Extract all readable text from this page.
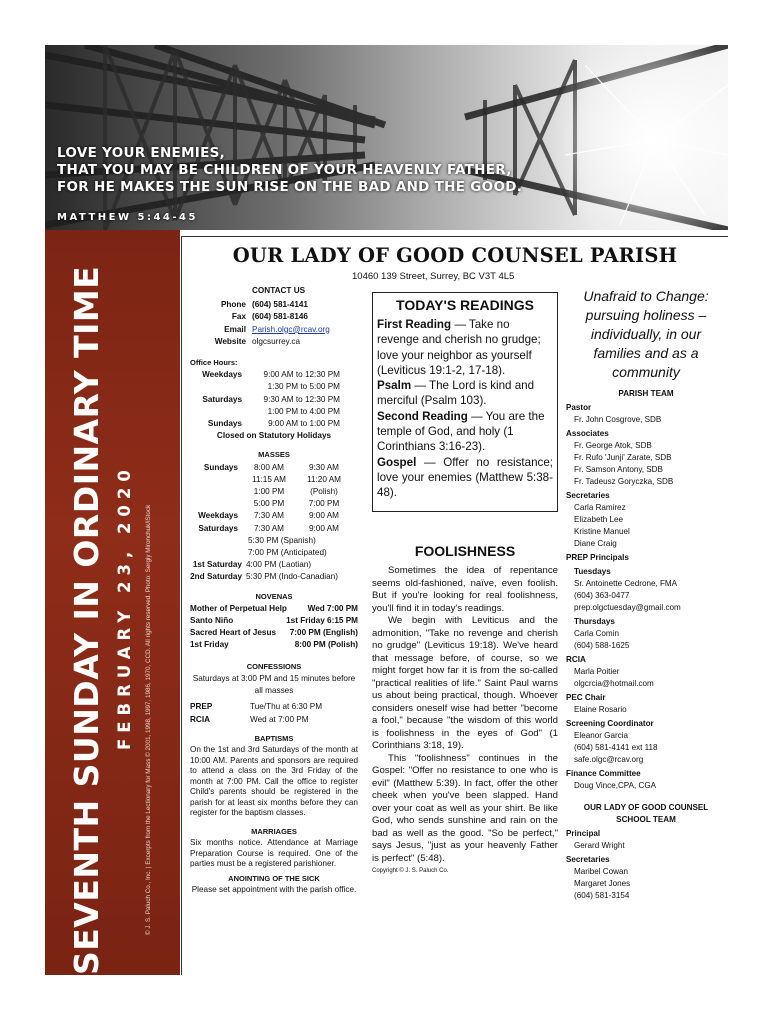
LOVE YOUR ENEMIES,
THAT YOU MAY BE CHILDREN OF YOUR HEAVENLY FATHER,
FOR HE MAKES THE SUN RISE ON THE BAD AND THE GOOD.
MATTHEW 5:44-45
SEVENTH SUNDAY IN ORDINARY TIME FEBRUARY 23, 2020 © J. S. Paluch Co., Inc. | Excerpts from the Lectionary for Mass © 2001, 1998, 1997, 1986, 1970, CCD. All rights reserved. Photo: Sergiy Mironchuk/iStock
OUR LADY OF GOOD COUNSEL PARISH
10460 139 Street, Surrey, BC V3T 4L5
CONTACT US
Phone (604) 581-4141
Fax (604) 581-8146
Email Parish.olgc@rcav.org
Website olgcsurrey.ca
Office Hours:
Weekdays	9:00 AM to 12:30 PM
1:30 PM to 5:00 PM
Saturdays	9:30 AM to 12:30 PM
1:00 PM to 4:00 PM
Sundays	9:00 AM to 1:00 PM
Closed on Statutory Holidays
MASSES
Sundays	8:00 AM	9:30 AM
11:15 AM	11:20 AM
1:00 PM	(Polish)
5:00 PM	7:00 PM
Weekdays	7:30 AM	9:00 AM
Saturdays	7:30 AM	9:00 AM
5:30 PM (Spanish)
7:00 PM (Anticipated)
1st Saturday 4:00 PM (Laotian)
2nd Saturday 5:30 PM (Indo-Canadian)
NOVENAS
Mother of Perpetual Help	Wed 7:00 PM
Santo Niño	1st Friday 6:15 PM
Sacred Heart of Jesus 7:00 PM (English)
1st Friday	8:00 PM (Polish)
CONFESSIONS
Saturdays at 3:00 PM and 15 minutes before all masses
PREP	Tue/Thu at 6:30 PM
RCIA	Wed at 7:00 PM
BAPTISMS
On the 1st and 3rd Saturdays of the month at 10:00 AM. Parents and sponsors are required to attend a class on the 3rd Friday of the month at 7:00 PM. Call the office to register Child's parents should be registered in the parish for at least six months before they can register for the baptism classes.
MARRIAGES
Six months notice. Attendance at Marriage Preparation Course is required. One of the parties must be a registered parishioner.
ANOINTING OF THE SICK
Please set appointment with the parish office.
TODAY'S READINGS

First Reading — Take no revenge and cherish no grudge; love your neighbor as yourself (Leviticus 19:1-2, 17-18).

Psalm — The Lord is kind and merciful (Psalm 103).

Second Reading — You are the temple of God, and holy (1 Corinthians 3:16-23).

Gospel — Offer no resistance; love your enemies (Matthew 5:38-48).

FOOLISHNESS

Sometimes the idea of repentance seems old-fashioned, naïve, even foolish. But if you're looking for real foolishness, you'll find it in today's readings.

We begin with Leviticus and the admonition, "Take no revenge and cherish no grudge" (Leviticus 19:18). We've heard that message before, of course, so we might forget how far it is from the so-called "practical realities of life." Saint Paul warns us about being practical, though. Whoever considers oneself wise had better "become a fool," because "the wisdom of this world is foolishness in the eyes of God" (1 Corinthians 3:18, 19).

This "foolishness" continues in the Gospel: "Offer no resistance to one who is evil" (Matthew 5:39). In fact, offer the other cheek when you've been slapped. Hand over your coat as well as your shirt. Be like God, who sends sunshine and rain on the bad as well as the good. "So be perfect," says Jesus, "just as your heavenly Father is perfect" (5:48).

Copyright © J. S. Paluch Co.
Unafraid to Change: pursuing holiness – individually, in our families and as a community
PARISH TEAM
Pastor
Fr. John Cosgrove, SDB
Associates
Fr. George Atok, SDB
Fr. Rufo 'Junji' Zarate, SDB
Fr. Samson Antony, SDB
Fr. Tadeusz Goryczka, SDB
Secretaries
Carla Ramirez
Elizabeth Lee
Kristine Manuel
Diane Craig
PREP Principals
Tuesdays
Sr. Antoinette Cedrone, FMA
(604) 363-0477
prep.olgctuesday@gmail.com
Thursdays
Carla Comin
(604) 588-1625
RCIA
Marla Poitier
olgcrcia@hotmail.com
PEC Chair
Elaine Rosario
Screening Coordinator
Eleanor Garcia
(604) 581-4141 ext 118
safe.olgc@rcav.org
Finance Committee
Doug Vince,CPA, CGA
OUR LADY OF GOOD COUNSEL
SCHOOL TEAM
Principal
Gerard Wright
Secretaries
Maribel Cowan
Margaret Jones
(604) 581-3154
